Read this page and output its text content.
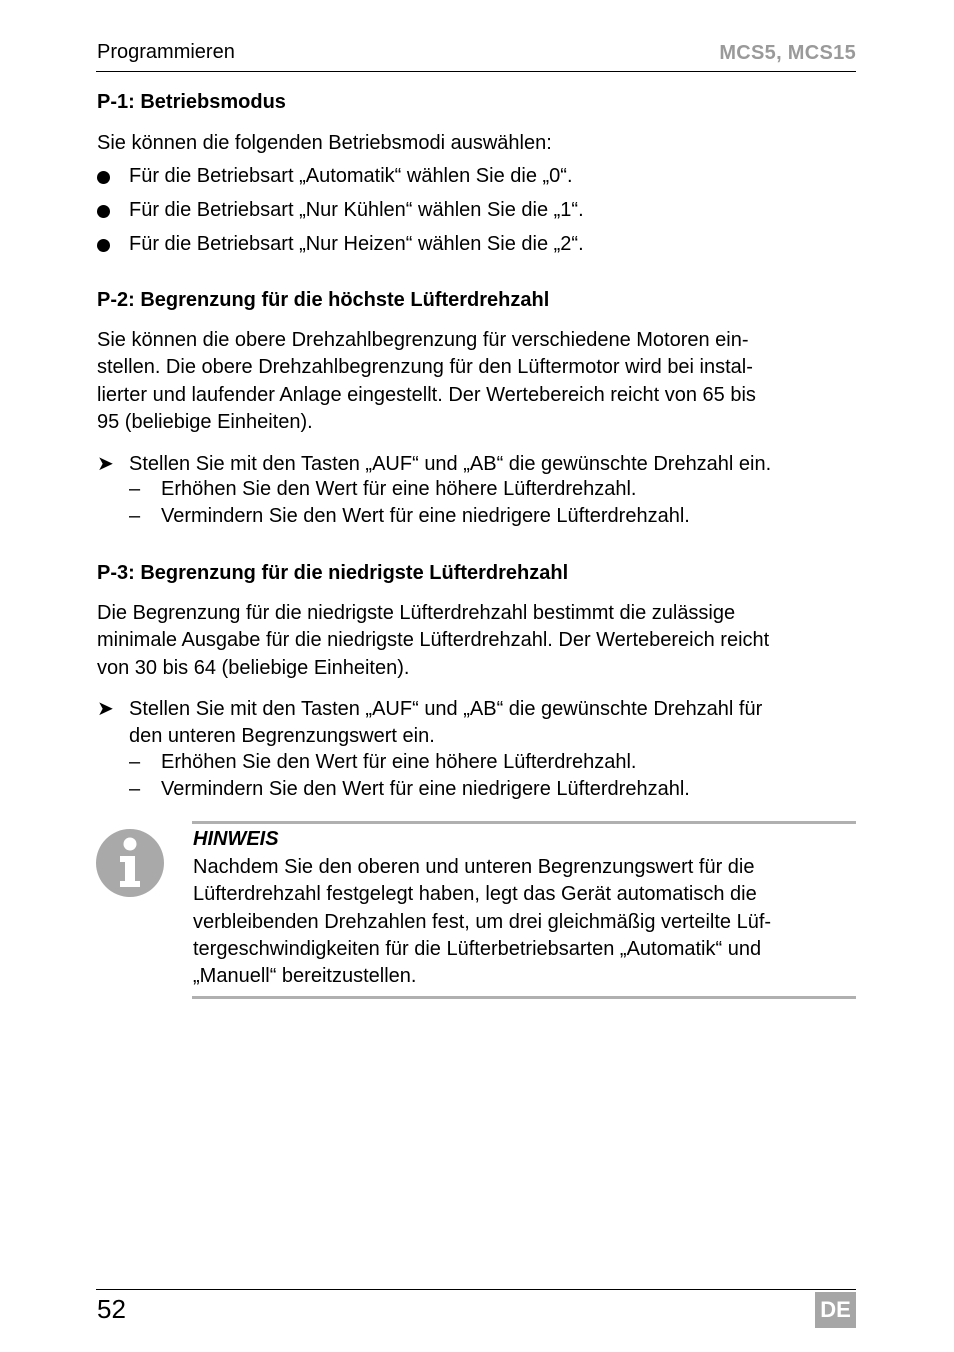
Programmieren	MCS5, MCS15
P-1: Betriebsmodus
Sie können die folgenden Betriebsmodi auswählen:
Für die Betriebsart „Automatik“ wählen Sie die „0“.
Für die Betriebsart „Nur Kühlen“ wählen Sie die „1“.
Für die Betriebsart „Nur Heizen“ wählen Sie die „2“.
P-2: Begrenzung für die höchste Lüfterdrehzahl
Sie können die obere Drehzahlbegrenzung für verschiedene Motoren ein-
stellen. Die obere Drehzahlbegrenzung für den Lüftermotor wird bei instal-
lierter und laufender Anlage eingestellt. Der Wertebereich reicht von 65 bis
95 (beliebige Einheiten).
➤ Stellen Sie mit den Tasten „AUF“ und „AB“ die gewünschte Drehzahl ein.
– Erhöhen Sie den Wert für eine höhere Lüfterdrehzahl.
– Vermindern Sie den Wert für eine niedrigere Lüfterdrehzahl.
P-3: Begrenzung für die niedrigste Lüfterdrehzahl
Die Begrenzung für die niedrigste Lüfterdrehzahl bestimmt die zulässige
minimale Ausgabe für die niedrigste Lüfterdrehzahl. Der Wertebereich reicht
von 30 bis 64 (beliebige Einheiten).
➤ Stellen Sie mit den Tasten „AUF“ und „AB“ die gewünschte Drehzahl für
den unteren Begrenzungswert ein.
– Erhöhen Sie den Wert für eine höhere Lüfterdrehzahl.
– Vermindern Sie den Wert für eine niedrigere Lüfterdrehzahl.
HINWEIS
Nachdem Sie den oberen und unteren Begrenzungswert für die
Lüfterdrehzahl festgelegt haben, legt das Gerät automatisch die
verbleibenden Drehzahlen fest, um drei gleichmäßig verteilte Lüf-
tergeschwindigkeiten für die Lüfterbetriebsarten „Automatik“ und
„Manuell“ bereitzustellen.
52	DE
